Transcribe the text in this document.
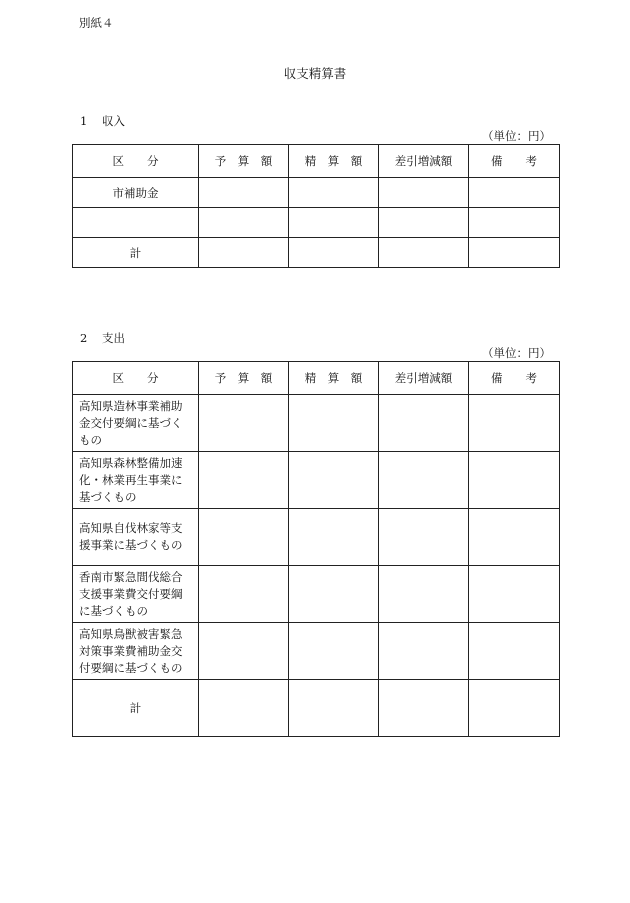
別紙４
収支精算書
1 収入
（単位：円）
区　　分	予　算　額	精　算　額	差引増減額	備　　考
市補助金				

計				
2 支出
（単位：円）
区　　分	予　算　額	精　算　額	差引増減額	備　　考
高知県造林事業補助金交付要綱に基づくもの				
高知県森林整備加速化・林業再生事業に基づくもの				
高知県自伐林家等支援事業に基づくもの				
香南市緊急間伐総合支援事業費交付要綱に基づくもの				
高知県鳥獣被害緊急対策事業費補助金交付要綱に基づくもの				
計				
